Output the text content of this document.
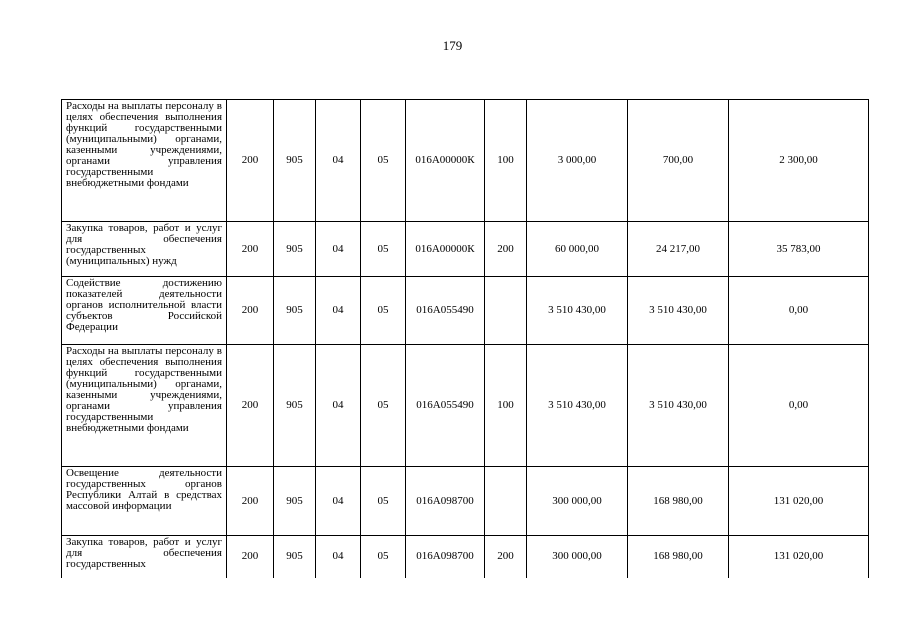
179
Расходы на выплаты персоналу в целях обеспечения выполнения функций государственными (муниципальными) органами, казенными учреждениями, органами управления государственными внебюджетными фондами	200	905	04	05	016А00000К	100	3 000,00	700,00	2 300,00
Закупка товаров, работ и услуг для обеспечения государственных (муниципальных) нужд	200	905	04	05	016А00000К	200	60 000,00	24 217,00	35 783,00
Содействие достижению показателей деятельности органов исполнительной власти субъектов Российской Федерации	200	905	04	05	016А055490		3 510 430,00	3 510 430,00	0,00
Расходы на выплаты персоналу в целях обеспечения выполнения функций государственными (муниципальными) органами, казенными учреждениями, органами управления государственными внебюджетными фондами	200	905	04	05	016А055490	100	3 510 430,00	3 510 430,00	0,00
Освещение деятельности государственных органов Республики Алтай в средствах массовой информации	200	905	04	05	016А098700		300 000,00	168 980,00	131 020,00
Закупка товаров, работ и услуг для обеспечения государственных	200	905	04	05	016А098700	200	300 000,00	168 980,00	131 020,00
